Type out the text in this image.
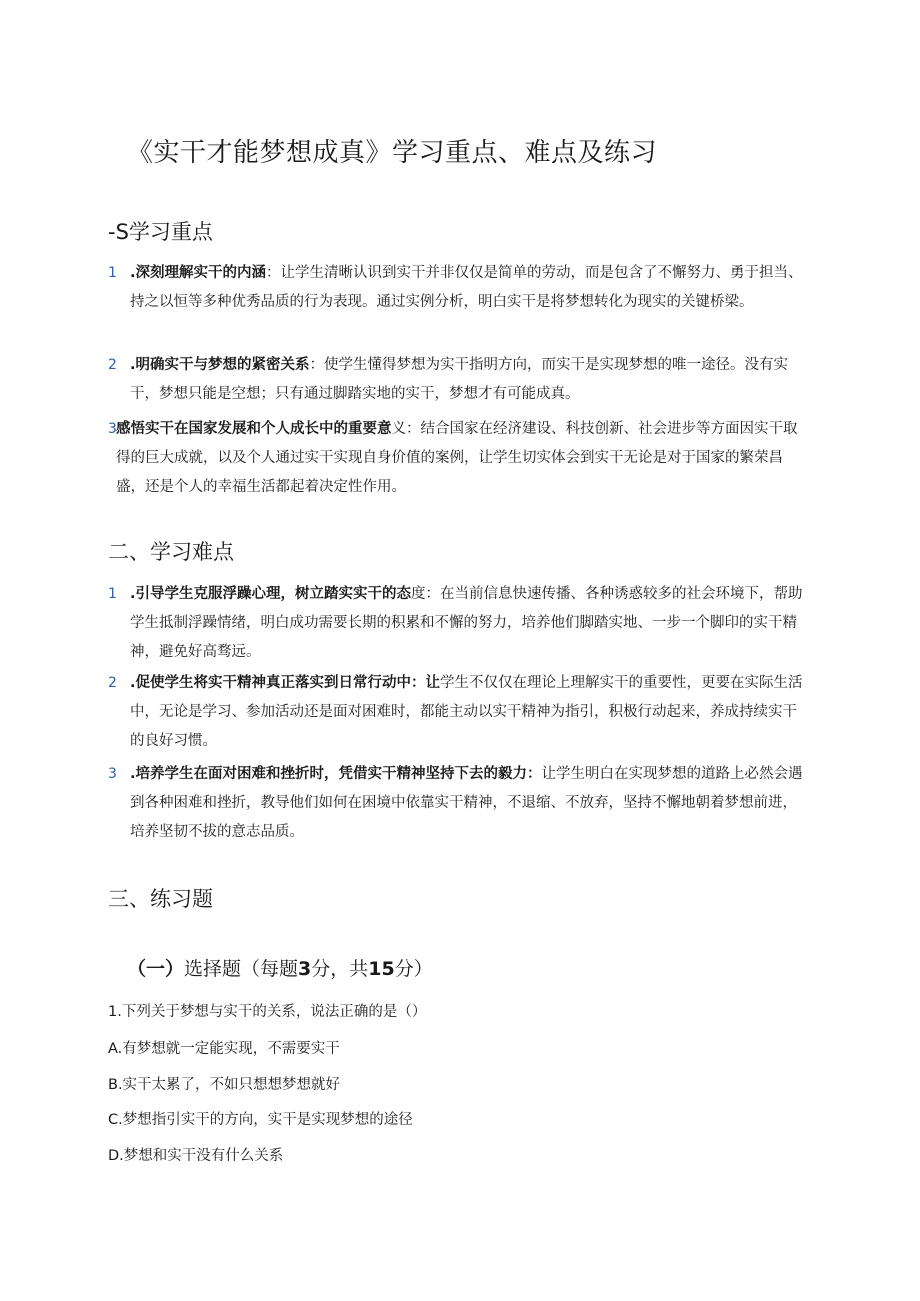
《实干才能梦想成真》学习重点、难点及练习
-S学习重点
1 .深刻理解实干的内涵：让学生清晰认识到实干并非仅仅是简单的劳动，而是包含了不懈努力、勇于担当、持之以恒等多种优秀品质的行为表现。通过实例分析，明白实干是将梦想转化为现实的关键桥梁。
2 .明确实干与梦想的紧密关系：使学生懂得梦想为实干指明方向，而实干是实现梦想的唯一途径。没有实干，梦想只能是空想；只有通过脚踏实地的实干，梦想才有可能成真。
3 感悟实干在国家发展和个人成长中的重要意义：结合国家在经济建设、科技创新、社会进步等方面因实干取得的巨大成就，以及个人通过实干实现自身价值的案例，让学生切实体会到实干无论是对于国家的繁荣昌盛，还是个人的幸福生活都起着决定性作用。
二、学习难点
1 .引导学生克服浮躁心理，树立踏实实干的态度：在当前信息快速传播、各种诱惑较多的社会环境下，帮助学生抵制浮躁情绪，明白成功需要长期的积累和不懈的努力，培养他们脚踏实地、一步一个脚印的实干精神，避免好高骛远。
2 .促使学生将实干精神真正落实到日常行动中：让学生不仅仅在理论上理解实干的重要性，更要在实际生活中，无论是学习、参加活动还是面对困难时，都能主动以实干精神为指引，积极行动起来，养成持续实干的良好习惯。
3 .培养学生在面对困难和挫折时，凭借实干精神坚持下去的毅力：让学生明白在实现梦想的道路上必然会遇到各种困难和挫折，教导他们如何在困境中依靠实干精神，不退缩、不放弃，坚持不懈地朝着梦想前进，培养坚韧不拔的意志品质。
三、练习题
（一）选择题（每题3分，共15分）

1.下列关于梦想与实干的关系，说法正确的是（）

A.有梦想就一定能实现，不需要实干

B.实干太累了，不如只想想梦想就好

C.梦想指引实干的方向，实干是实现梦想的途径

D.梦想和实干没有什么关系
